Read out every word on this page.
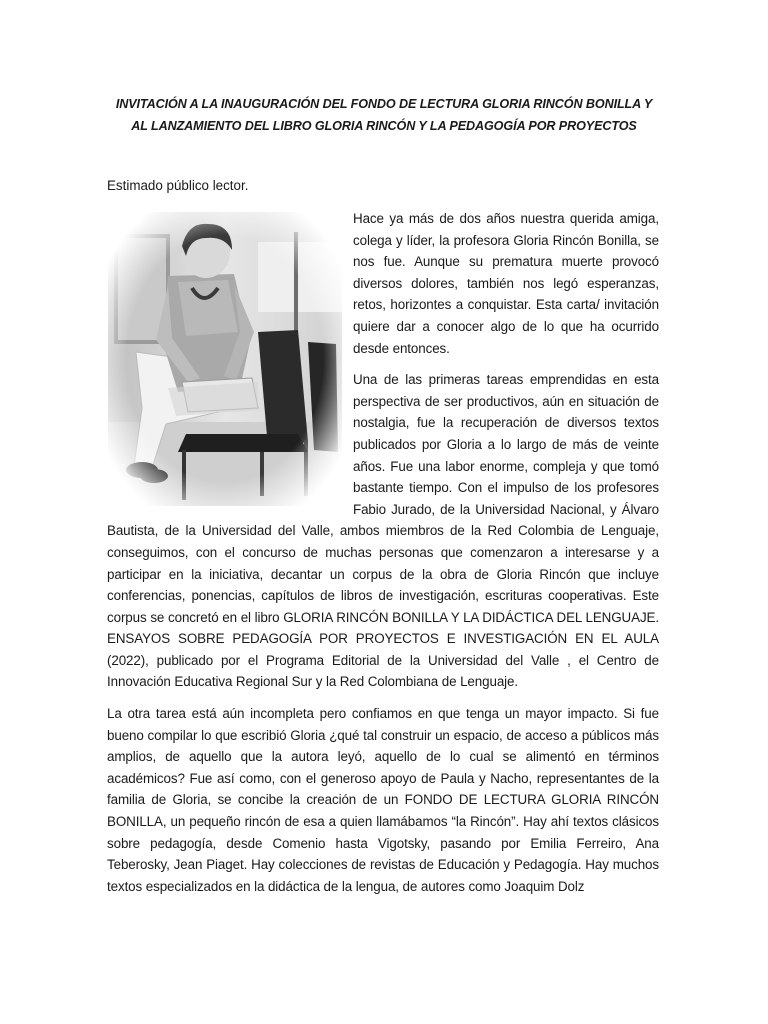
INVITACIÓN A LA INAUGURACIÓN DEL FONDO DE LECTURA GLORIA RINCÓN BONILLA Y
AL LANZAMIENTO DEL LIBRO GLORIA RINCÓN Y LA PEDAGOGÍA POR PROYECTOS
Estimado público lector.

Hace ya más de dos años nuestra querida amiga, colega y líder, la profesora Gloria Rincón Bonilla, se nos fue. Aunque su prematura muerte provocó diversos dolores, también nos legó esperanzas, retos, horizontes a conquistar. Esta carta/ invitación quiere dar a conocer algo de lo que ha ocurrido desde entonces.

Una de las primeras tareas emprendidas en esta perspectiva de ser productivos, aún en situación de nostalgia, fue la recuperación de diversos textos publicados por Gloria a lo largo de más de veinte años. Fue una labor enorme, compleja y que tomó bastante tiempo. Con el impulso de los profesores Fabio Jurado, de la Universidad Nacional, y Álvaro Bautista, de la Universidad del Valle, ambos miembros de la Red Colombia de Lenguaje, conseguimos, con el concurso de muchas personas que comenzaron a interesarse y a participar en la iniciativa, decantar un corpus de la obra de Gloria Rincón que incluye conferencias, ponencias, capítulos de libros de investigación, escrituras cooperativas. Este corpus se concretó en el libro GLORIA RINCÓN BONILLA Y LA DIDÁCTICA DEL LENGUAJE. ENSAYOS SOBRE PEDAGOGÍA POR PROYECTOS E INVESTIGACIÓN EN EL AULA (2022), publicado por el Programa Editorial de la Universidad del Valle , el Centro de Innovación Educativa Regional Sur y la Red Colombiana de Lenguaje.

La otra tarea está aún incompleta pero confiamos en que tenga un mayor impacto. Si fue bueno compilar lo que escribió Gloria ¿qué tal construir un espacio, de acceso a públicos más amplios, de aquello que la autora leyó, aquello de lo cual se alimentó en términos académicos? Fue así como, con el generoso apoyo de Paula y Nacho, representantes de la familia de Gloria, se concibe la creación de un FONDO DE LECTURA GLORIA RINCÓN BONILLA, un pequeño rincón de esa a quien llamábamos “la Rincón”. Hay ahí textos clásicos sobre pedagogía, desde Comenio hasta Vigotsky, pasando por Emilia Ferreiro, Ana Teberosky, Jean Piaget. Hay colecciones de revistas de Educación y Pedagogía. Hay muchos textos especializados en la didáctica de la lengua, de autores como Joaquim Dolz
